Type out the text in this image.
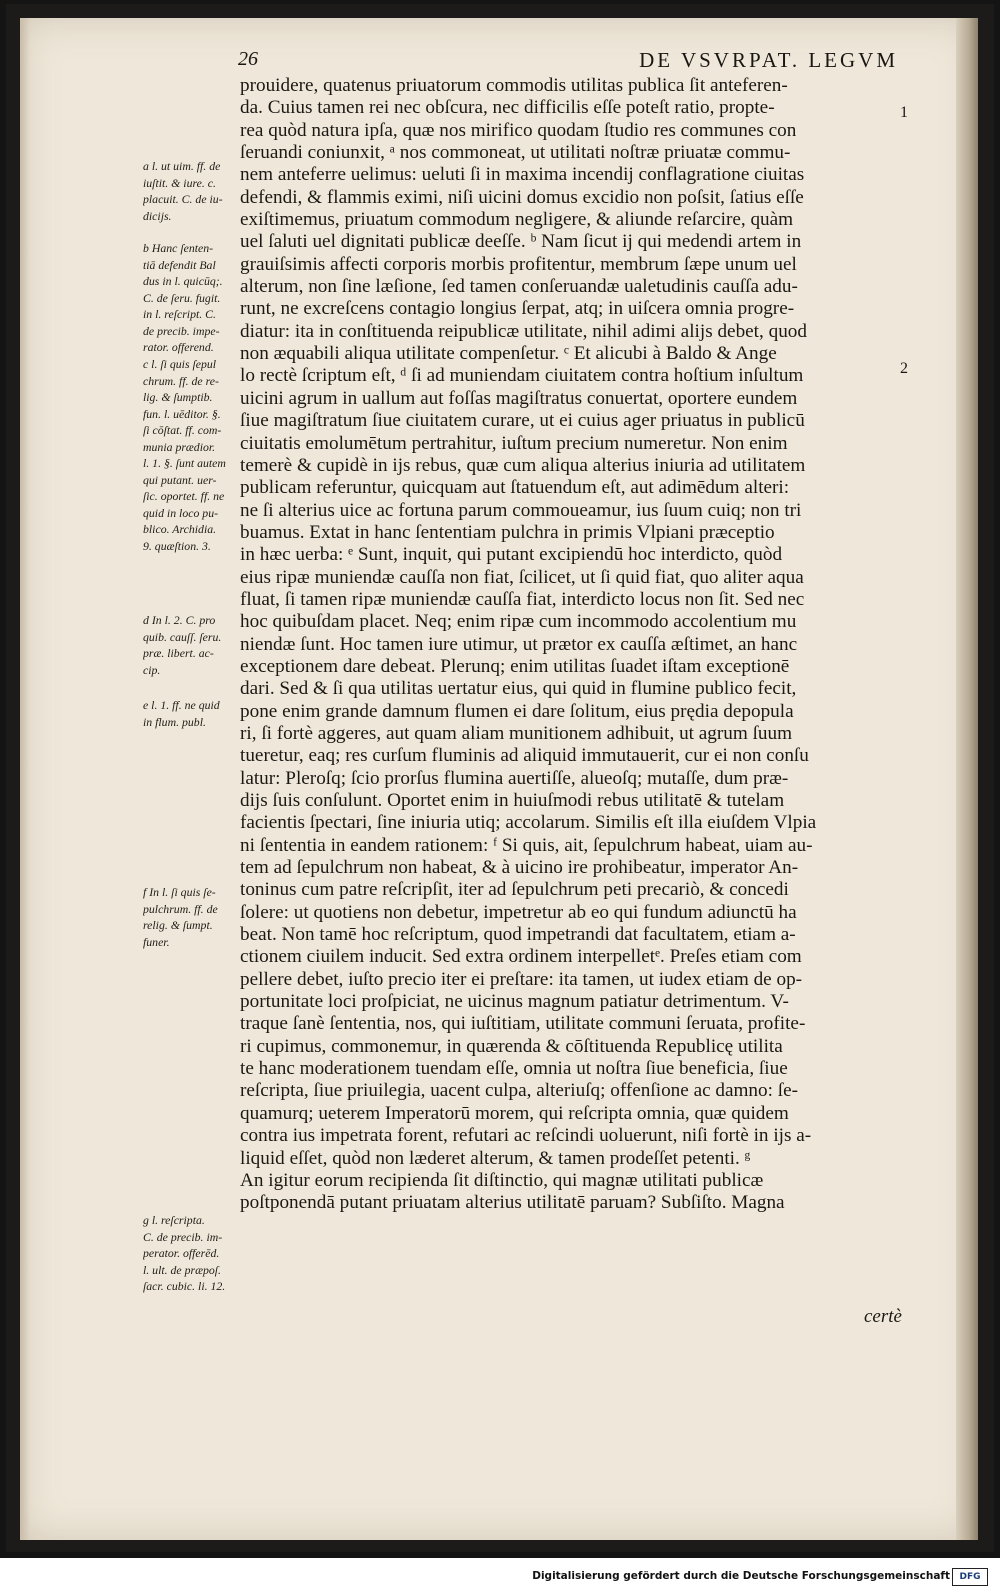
26	DE VSVRPAT. LEGVM
1
2
prouidere, quatenus priuatorum commodis utilitas publica ſit anteferen-
da. Cuius tamen rei nec obſcura, nec difficilis eſſe poteſt ratio, propte-
rea quòd natura ipſa, quæ nos mirifico quodam ſtudio res communes con
ſeruandi coniunxit, ᵃ nos commoneat, ut utilitati noſtræ priuatæ commu-
nem anteferre uelimus: ueluti ſi in maxima incendij conflagratione ciuitas
defendi, & flammis eximi, niſi uicini domus excidio non poſsit, ſatius eſſe
exiſtimemus, priuatum commodum negligere, & aliunde reſarcire, quàm
uel ſaluti uel dignitati publicæ deeſſe. ᵇ Nam ſicut ij qui medendi artem in
grauiſsimis affecti corporis morbis profitentur, membrum ſæpe unum uel
alterum, non ſine læſione, ſed tamen conſeruandæ ualetudinis cauſſa adu-
runt, ne excreſcens contagio longius ſerpat, atq; in uiſcera omnia progre-
diatur: ita in conſtituenda reipublicæ utilitate, nihil adimi alijs debet, quod
non æquabili aliqua utilitate compenſetur. ᶜ Et alicubi à Baldo & Ange
lo rectè ſcriptum eſt, ᵈ ſi ad muniendam ciuitatem contra hoſtium inſultum
uicini agrum in uallum aut foſſas magiſtratus conuertat, oportere eundem
ſiue magiſtratum ſiue ciuitatem curare, ut ei cuius ager priuatus in publicū
ciuitatis emolumētum pertrahitur, iuſtum precium numeretur. Non enim
temerè & cupidè in ijs rebus, quæ cum aliqua alterius iniuria ad utilitatem
publicam referuntur, quicquam aut ſtatuendum eſt, aut adimēdum alteri:
ne ſi alterius uice ac fortuna parum commoueamur, ius ſuum cuiq; non tri
buamus. Extat in hanc ſententiam pulchra in primis Vlpiani præceptio
in hæc uerba: ᵉ Sunt, inquit, qui putant excipiendū hoc interdicto, quòd
eius ripæ muniendæ cauſſa non fiat, ſcilicet, ut ſi quid fiat, quo aliter aqua
fluat, ſi tamen ripæ muniendæ cauſſa fiat, interdicto locus non ſit. Sed nec
hoc quibuſdam placet. Neq; enim ripæ cum incommodo accolentium mu
niendæ ſunt. Hoc tamen iure utimur, ut prætor ex cauſſa æſtimet, an hanc
exceptionem dare debeat. Plerunq; enim utilitas ſuadet iſtam exceptionē
dari. Sed & ſi qua utilitas uertatur eius, qui quid in flumine publico fecit,
pone enim grande damnum flumen ei dare ſolitum, eius prędia depopula
ri, ſi fortè aggeres, aut quam aliam munitionem adhibuit, ut agrum ſuum
tueretur, eaq; res curſum fluminis ad aliquid immutauerit, cur ei non conſu
latur: Pleroſq; ſcio prorſus flumina auertiſſe, alueoſq; mutaſſe, dum præ-
dijs ſuis conſulunt. Oportet enim in huiuſmodi rebus utilitatē & tutelam
facientis ſpectari, ſine iniuria utiq; accolarum. Similis eſt illa eiuſdem Vlpia
ni ſententia in eandem rationem: ᶠ Si quis, ait, ſepulchrum habeat, uiam au-
tem ad ſepulchrum non habeat, & à uicino ire prohibeatur, imperator An-
toninus cum patre reſcripſit, iter ad ſepulchrum peti precariò, & concedi
ſolere: ut quotiens non debetur, impetretur ab eo qui fundum adiunctū ha
beat. Non tamē hoc reſcriptum, quod impetrandi dat facultatem, etiam a-
ctionem ciuilem inducit. Sed extra ordinem interpelletᵉ. Preſes etiam com
pellere debet, iuſto precio iter ei preſtare: ita tamen, ut iudex etiam de op-
portunitate loci proſpiciat, ne uicinus magnum patiatur detrimentum. V-
traque ſanè ſententia, nos, qui iuſtitiam, utilitate communi ſeruata, profite-
ri cupimus, commonemur, in quærenda & cōſtituenda Republicę utilita
te hanc moderationem tuendam eſſe, omnia ut noſtra ſiue beneficia, ſiue
reſcripta, ſiue priuilegia, uacent culpa, alteriuſq; offenſione ac damno: ſe-
quamurq; ueterem Imperatorū morem, qui reſcripta omnia, quæ quidem
contra ius impetrata forent, refutari ac reſcindi uoluerunt, niſi fortè in ijs a-
liquid eſſet, quòd non læderet alterum, & tamen prodeſſet petenti. ᵍ
An igitur eorum recipienda ſit diſtinctio, qui magnæ utilitati publicæ
poſtponendā putant priuatam alterius utilitatē paruam? Subſiſto. Magna
a l. ut uim. ff. de
iuſtit. & iure. c.
placuit. C. de iu-
dicijs.
b Hanc ſenten-
tiā defendit Bal
dus in l. quicūq;.
C. de ſeru. fugit.
in l. reſcript. C.
de precib. impe-
rator. offerend.
c l. ſi quis ſepul
chrum. ff. de re-
lig. & ſumptib.
fun. l. uēditor. §.
ſi cōſtat. ff. com-
munia prædior.
l. 1. §. ſunt autem
qui putant. uer-
ſic. oportet. ff. ne
quid in loco pu-
blico. Archidia.
9. quæſtion. 3.
d In l. 2. C. pro
quib. cauſſ. ſeru.
præ. libert. ac-
cip.
e l. 1. ff. ne quid
in flum. publ.
f In l. ſi quis ſe-
pulchrum. ff. de
relig. & ſumpt.
funer.
g l. reſcripta.
C. de precib. im-
perator. offerēd.
l. ult. de præpoſ.
ſacr. cubic. li. 12.
certè
Digitalisierung gefördert durch die Deutsche Forschungsgemeinschaft	DFG
